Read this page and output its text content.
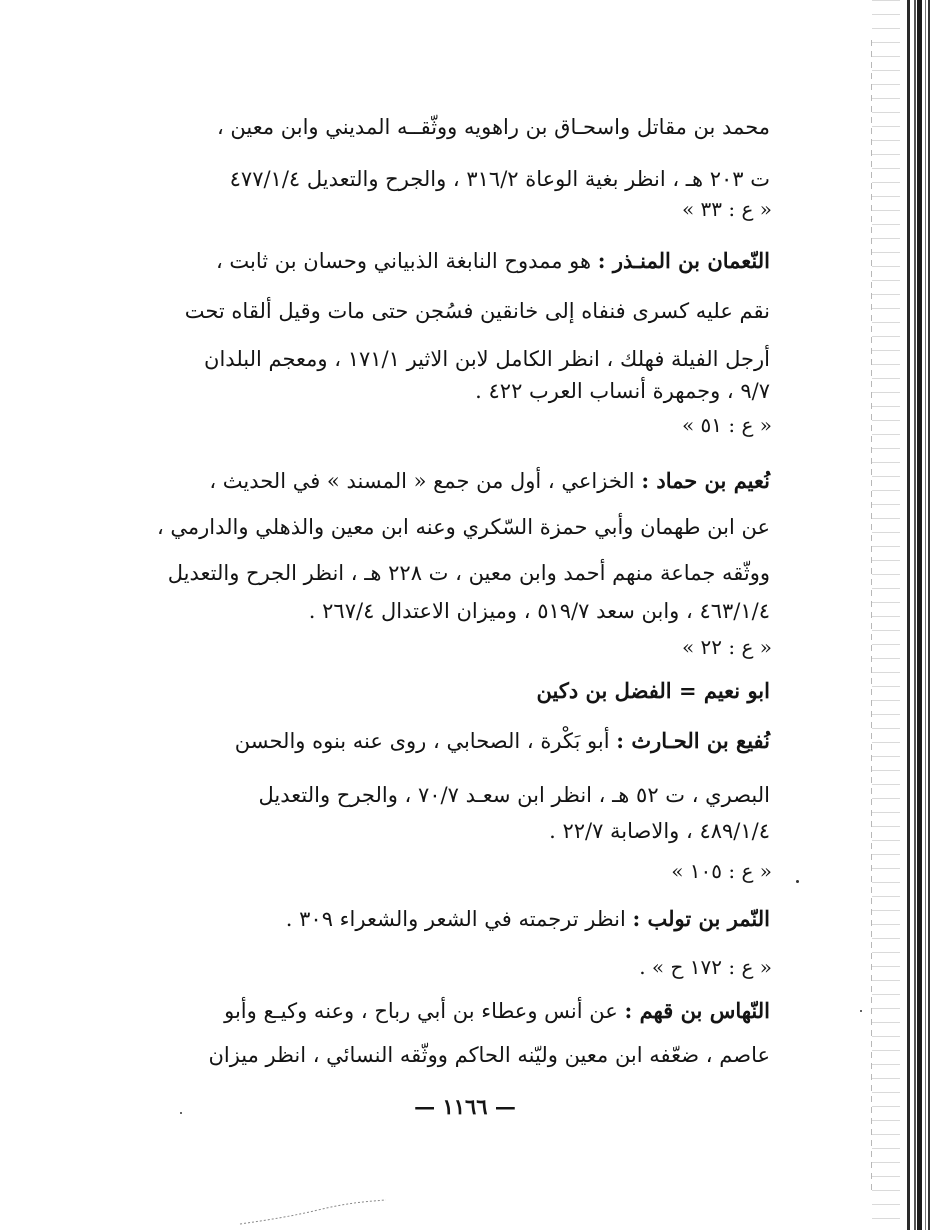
محمد بن مقاتل واسحـاق بن راهويه ووثّقــه المديني وابن معين ،
ت ٢٠٣ هـ ، انظر بغية الوعاة ٣١٦/٢ ، والجرح والتعديل ٤٧٧/١/٤
« ع : ٣٣ »
النّعمان بن المنـذر : هو ممدوح النابغة الذبياني وحسان بن ثابت ،
نقم عليه كسرى فنفاه إلى خانقين فسُجن حتى مات وقيل ألقاه تحت
أرجل الفيلة فهلك ، انظر الكامل لابن الاثير ١٧١/١ ، ومعجم البلدان
٩/٧ ، وجمهرة أنساب العرب ٤٢٢ .
« ع : ٥١ »
نُعيم بن حماد : الخزاعي ، أول من جمع « المسند » في الحديث ،
عن ابن طهمان وأبي حمزة السّكري وعنه ابن معين والذهلي والدارمي ،
ووثّقه جماعة منهم أحمد وابن معين ، ت ٢٢٨ هـ ، انظر الجرح والتعديل
٤٦٣/١/٤ ، وابن سعد ٥١٩/٧ ، وميزان الاعتدال ٢٦٧/٤ .
« ع : ٢٢ »
ابو نعيم = الفضل بن دكين
نُفيع بن الحـارث : أبو بَكْرة ، الصحابي ، روى عنه بنوه والحسن
البصري ، ت ٥٢ هـ ، انظر ابن سعـد ٧٠/٧ ، والجرح والتعديل
٤٨٩/١/٤ ، والاصابة ٢٢/٧ .
« ع : ١٠٥ »
النّمر بن تولب : انظر ترجمته في الشعر والشعراء ٣٠٩ .
« ع : ١٧٢ ح » .
النّهاس بن قهم : عن أنس وعطاء بن أبي رباح ، وعنه وكيـع وأبو
عاصم ، ضعّفه ابن معين وليّنه الحاكم ووثّقه النسائي ، انظر ميزان
— ١١٦٦ —
